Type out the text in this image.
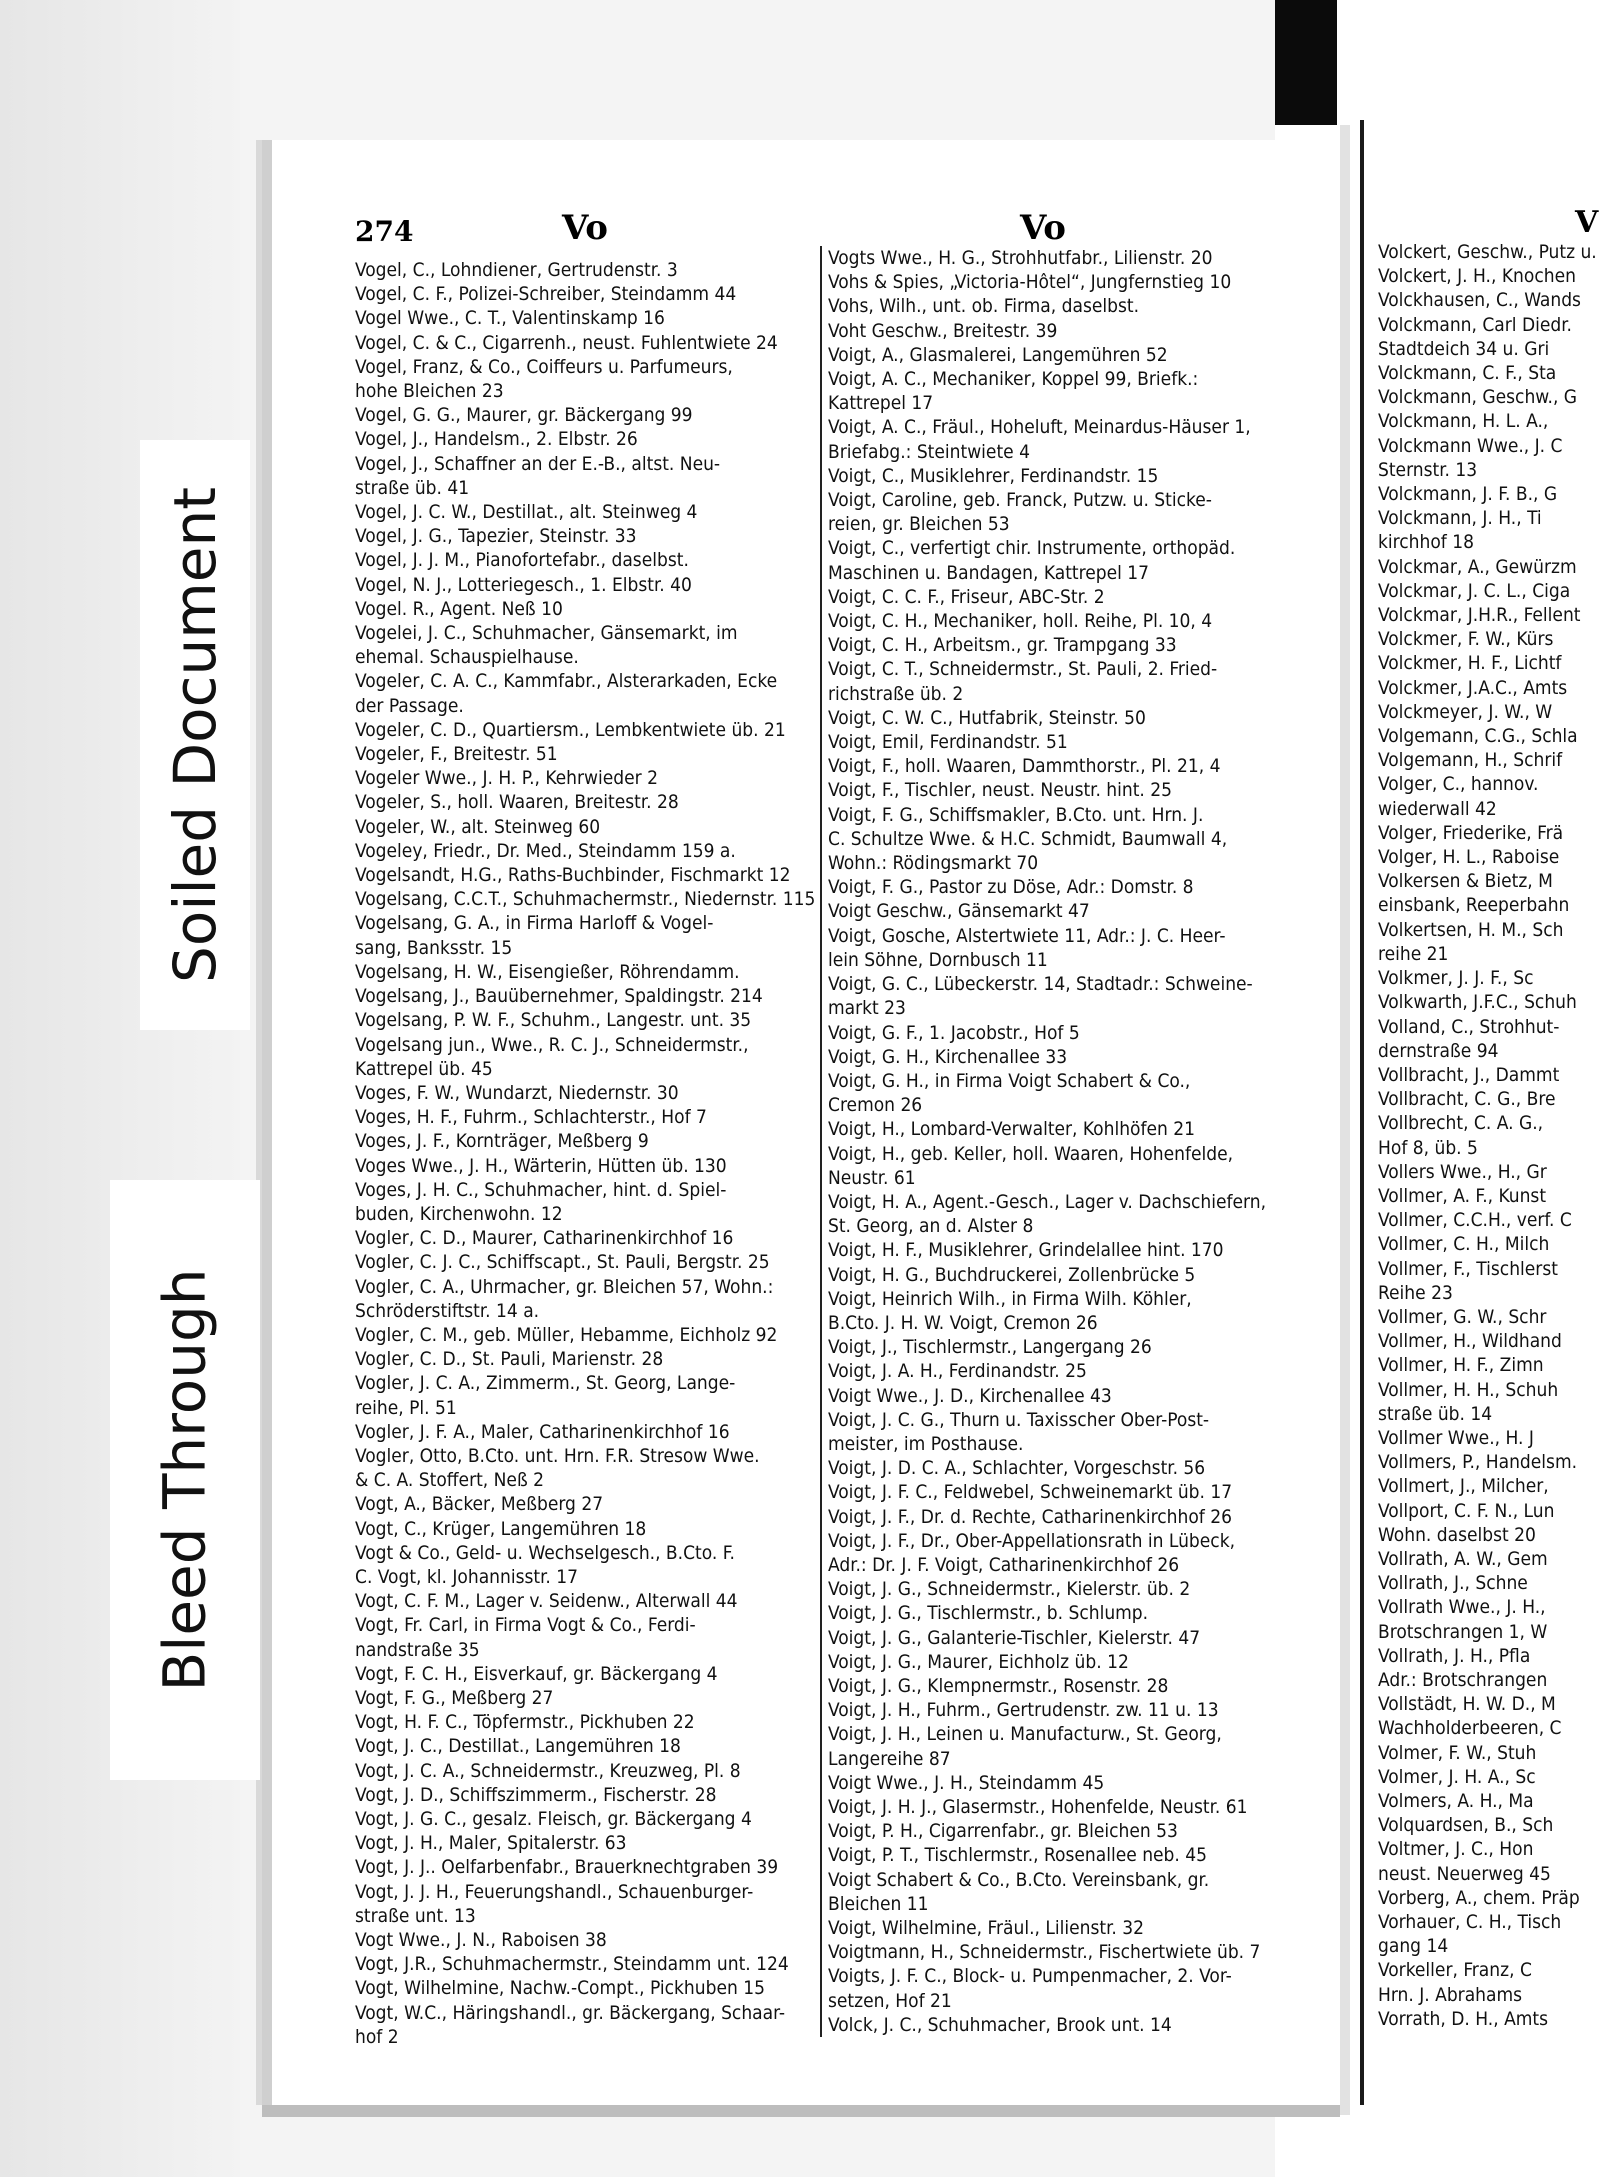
274	Vo	Vo	V
Vogel, C., Lohndiener, Gertrudenstr. 3
Vogel, C. F., Polizei-Schreiber, Steindamm 44
Vogel Wwe., C. T., Valentinskamp 16
Vogel, C. & C., Cigarrenh., neust. Fuhlentwiete 24
Vogel, Franz, & Co., Coiffeurs u. Parfumeurs,
hohe Bleichen 23
Vogel, G. G., Maurer, gr. Bäckergang 99
Vogel, J., Handelsm., 2. Elbstr. 26
Vogel, J., Schaffner an der E.-B., altst. Neu-
straße üb. 41
Vogel, J. C. W., Destillat., alt. Steinweg 4
Vogel, J. G., Tapezier, Steinstr. 33
Vogel, J. J. M., Pianofortefabr., daselbst.
Vogel, N. J., Lotteriegesch., 1. Elbstr. 40
Vogel. R., Agent. Neß 10
Vogelei, J. C., Schuhmacher, Gänsemarkt, im
ehemal. Schauspielhause.
Vogeler, C. A. C., Kammfabr., Alsterarkaden, Ecke
der Passage.
Vogeler, C. D., Quartiersm., Lembkentwiete üb. 21
Vogeler, F., Breitestr. 51
Vogeler Wwe., J. H. P., Kehrwieder 2
Vogeler, S., holl. Waaren, Breitestr. 28
Vogeler, W., alt. Steinweg 60
Vogeley, Friedr., Dr. Med., Steindamm 159 a.
Vogelsandt, H.G., Raths-Buchbinder, Fischmarkt 12
Vogelsang, C.C.T., Schuhmachermstr., Niedernstr. 115
Vogelsang, G. A., in Firma Harloff & Vogel-
sang, Banksstr. 15
Vogelsang, H. W., Eisengießer, Röhrendamm.
Vogelsang, J., Bauübernehmer, Spaldingstr. 214
Vogelsang, P. W. F., Schuhm., Langestr. unt. 35
Vogelsang jun., Wwe., R. C. J., Schneidermstr.,
Kattrepel üb. 45
Voges, F. W., Wundarzt, Niedernstr. 30
Voges, H. F., Fuhrm., Schlachterstr., Hof 7
Voges, J. F., Kornträger, Meßberg 9
Voges Wwe., J. H., Wärterin, Hütten üb. 130
Voges, J. H. C., Schuhmacher, hint. d. Spiel-
buden, Kirchenwohn. 12
Vogler, C. D., Maurer, Catharinenkirchhof 16
Vogler, C. J. C., Schiffscapt., St. Pauli, Bergstr. 25
Vogler, C. A., Uhrmacher, gr. Bleichen 57, Wohn.:
Schröderstiftstr. 14 a.
Vogler, C. M., geb. Müller, Hebamme, Eichholz 92
Vogler, C. D., St. Pauli, Marienstr. 28
Vogler, J. C. A., Zimmerm., St. Georg, Lange-
reihe, Pl. 51
Vogler, J. F. A., Maler, Catharinenkirchhof 16
Vogler, Otto, B.Cto. unt. Hrn. F.R. Stresow Wwe.
& C. A. Stoffert, Neß 2
Vogt, A., Bäcker, Meßberg 27
Vogt, C., Krüger, Langemühren 18
Vogt & Co., Geld- u. Wechselgesch., B.Cto. F.
C. Vogt, kl. Johannisstr. 17
Vogt, C. F. M., Lager v. Seidenw., Alterwall 44
Vogt, Fr. Carl, in Firma Vogt & Co., Ferdi-
nandstraße 35
Vogt, F. C. H., Eisverkauf, gr. Bäckergang 4
Vogt, F. G., Meßberg 27
Vogt, H. F. C., Töpfermstr., Pickhuben 22
Vogt, J. C., Destillat., Langemühren 18
Vogt, J. C. A., Schneidermstr., Kreuzweg, Pl. 8
Vogt, J. D., Schiffszimmerm., Fischerstr. 28
Vogt, J. G. C., gesalz. Fleisch, gr. Bäckergang 4
Vogt, J. H., Maler, Spitalerstr. 63
Vogt, J. J.. Oelfarbenfabr., Brauerknechtgraben 39
Vogt, J. J. H., Feuerungshandl., Schauenburger-
straße unt. 13
Vogt Wwe., J. N., Raboisen 38
Vogt, J.R., Schuhmachermstr., Steindamm unt. 124
Vogt, Wilhelmine, Nachw.-Compt., Pickhuben 15
Vogt, W.C., Häringshandl., gr. Bäckergang, Schaar-
hof 2
Vogts Wwe., H. G., Strohhutfabr., Lilienstr. 20
Vohs & Spies, „Victoria-Hôtel“, Jungfernstieg 10
Vohs, Wilh., unt. ob. Firma, daselbst.
Voht Geschw., Breitestr. 39
Voigt, A., Glasmalerei, Langemühren 52
Voigt, A. C., Mechaniker, Koppel 99, Briefk.:
Kattrepel 17
Voigt, A. C., Fräul., Hoheluft, Meinardus-Häuser 1,
Briefabg.: Steintwiete 4
Voigt, C., Musiklehrer, Ferdinandstr. 15
Voigt, Caroline, geb. Franck, Putzw. u. Sticke-
reien, gr. Bleichen 53
Voigt, C., verfertigt chir. Instrumente, orthopäd.
Maschinen u. Bandagen, Kattrepel 17
Voigt, C. C. F., Friseur, ABC-Str. 2
Voigt, C. H., Mechaniker, holl. Reihe, Pl. 10, 4
Voigt, C. H., Arbeitsm., gr. Trampgang 33
Voigt, C. T., Schneidermstr., St. Pauli, 2. Fried-
richstraße üb. 2
Voigt, C. W. C., Hutfabrik, Steinstr. 50
Voigt, Emil, Ferdinandstr. 51
Voigt, F., holl. Waaren, Dammthorstr., Pl. 21, 4
Voigt, F., Tischler, neust. Neustr. hint. 25
Voigt, F. G., Schiffsmakler, B.Cto. unt. Hrn. J.
C. Schultze Wwe. & H.C. Schmidt, Baumwall 4,
Wohn.: Rödingsmarkt 70
Voigt, F. G., Pastor zu Döse, Adr.: Domstr. 8
Voigt Geschw., Gänsemarkt 47
Voigt, Gosche, Alstertwiete 11, Adr.: J. C. Heer-
lein Söhne, Dornbusch 11
Voigt, G. C., Lübeckerstr. 14, Stadtadr.: Schweine-
markt 23
Voigt, G. F., 1. Jacobstr., Hof 5
Voigt, G. H., Kirchenallee 33
Voigt, G. H., in Firma Voigt Schabert & Co.,
Cremon 26
Voigt, H., Lombard-Verwalter, Kohlhöfen 21
Voigt, H., geb. Keller, holl. Waaren, Hohenfelde,
Neustr. 61
Voigt, H. A., Agent.-Gesch., Lager v. Dachschiefern,
St. Georg, an d. Alster 8
Voigt, H. F., Musiklehrer, Grindelallee hint. 170
Voigt, H. G., Buchdruckerei, Zollenbrücke 5
Voigt, Heinrich Wilh., in Firma Wilh. Köhler,
B.Cto. J. H. W. Voigt, Cremon 26
Voigt, J., Tischlermstr., Langergang 26
Voigt, J. A. H., Ferdinandstr. 25
Voigt Wwe., J. D., Kirchenallee 43
Voigt, J. C. G., Thurn u. Taxisscher Ober-Post-
meister, im Posthause.
Voigt, J. D. C. A., Schlachter, Vorgeschstr. 56
Voigt, J. F. C., Feldwebel, Schweinemarkt üb. 17
Voigt, J. F., Dr. d. Rechte, Catharinenkirchhof 26
Voigt, J. F., Dr., Ober-Appellationsrath in Lübeck,
Adr.: Dr. J. F. Voigt, Catharinenkirchhof 26
Voigt, J. G., Schneidermstr., Kielerstr. üb. 2
Voigt, J. G., Tischlermstr., b. Schlump.
Voigt, J. G., Galanterie-Tischler, Kielerstr. 47
Voigt, J. G., Maurer, Eichholz üb. 12
Voigt, J. G., Klempnermstr., Rosenstr. 28
Voigt, J. H., Fuhrm., Gertrudenstr. zw. 11 u. 13
Voigt, J. H., Leinen u. Manufacturw., St. Georg,
Langereihe 87
Voigt Wwe., J. H., Steindamm 45
Voigt, J. H. J., Glasermstr., Hohenfelde, Neustr. 61
Voigt, P. H., Cigarrenfabr., gr. Bleichen 53
Voigt, P. T., Tischlermstr., Rosenallee neb. 45
Voigt Schabert & Co., B.Cto. Vereinsbank, gr.
Bleichen 11
Voigt, Wilhelmine, Fräul., Lilienstr. 32
Voigtmann, H., Schneidermstr., Fischertwiete üb. 7
Voigts, J. F. C., Block- u. Pumpenmacher, 2. Vor-
setzen, Hof 21
Volck, J. C., Schuhmacher, Brook unt. 14
Volckert, Geschw., Putz u.
Volckert, J. H., Knochen
Volckhausen, C., Wands
Volckmann, Carl Diedr.
Stadtdeich 34 u. Gri
Volckmann, C. F., Sta
Volckmann, Geschw., G
Volckmann, H. L. A.,
Volckmann Wwe., J. C
Sternstr. 13
Volckmann, J. F. B., G
Volckmann, J. H., Ti
kirchhof 18
Volckmar, A., Gewürzm
Volckmar, J. C. L., Ciga
Volckmar, J.H.R., Fellent
Volckmer, F. W., Kürs
Volckmer, H. F., Lichtf
Volckmer, J.A.C., Amts
Volckmeyer, J. W., W
Volgemann, C.G., Schla
Volgemann, H., Schrif
Volger, C., hannov.
wiederwall 42
Volger, Friederike, Frä
Volger, H. L., Raboise
Volkersen & Bietz, M
einsbank, Reeperbahn
Volkertsen, H. M., Sch
reihe 21
Volkmer, J. J. F., Sc
Volkwarth, J.F.C., Schuh
Volland, C., Strohhut-
dernstraße 94
Vollbracht, J., Dammt
Vollbracht, C. G., Bre
Vollbrecht, C. A. G.,
Hof 8, üb. 5
Vollers Wwe., H., Gr
Vollmer, A. F., Kunst
Vollmer, C.C.H., verf. C
Vollmer, C. H., Milch
Vollmer, F., Tischlerst
Reihe 23
Vollmer, G. W., Schr
Vollmer, H., Wildhand
Vollmer, H. F., Zimn
Vollmer, H. H., Schuh
straße üb. 14
Vollmer Wwe., H. J
Vollmers, P., Handelsm.
Vollmert, J., Milcher,
Vollport, C. F. N., Lun
Wohn. daselbst 20
Vollrath, A. W., Gem
Vollrath, J., Schne
Vollrath Wwe., J. H.,
Brotschrangen 1, W
Vollrath, J. H., Pfla
Adr.: Brotschrangen
Vollstädt, H. W. D., M
Wachholderbeeren, C
Volmer, F. W., Stuh
Volmer, J. H. A., Sc
Volmers, A. H., Ma
Volquardsen, B., Sch
Voltmer, J. C., Hon
neust. Neuerweg 45
Vorberg, A., chem. Präp
Vorhauer, C. H., Tisch
gang 14
Vorkeller, Franz, C
Hrn. J. Abrahams
Vorrath, D. H., Amts
Soiled Document
Bleed Through
